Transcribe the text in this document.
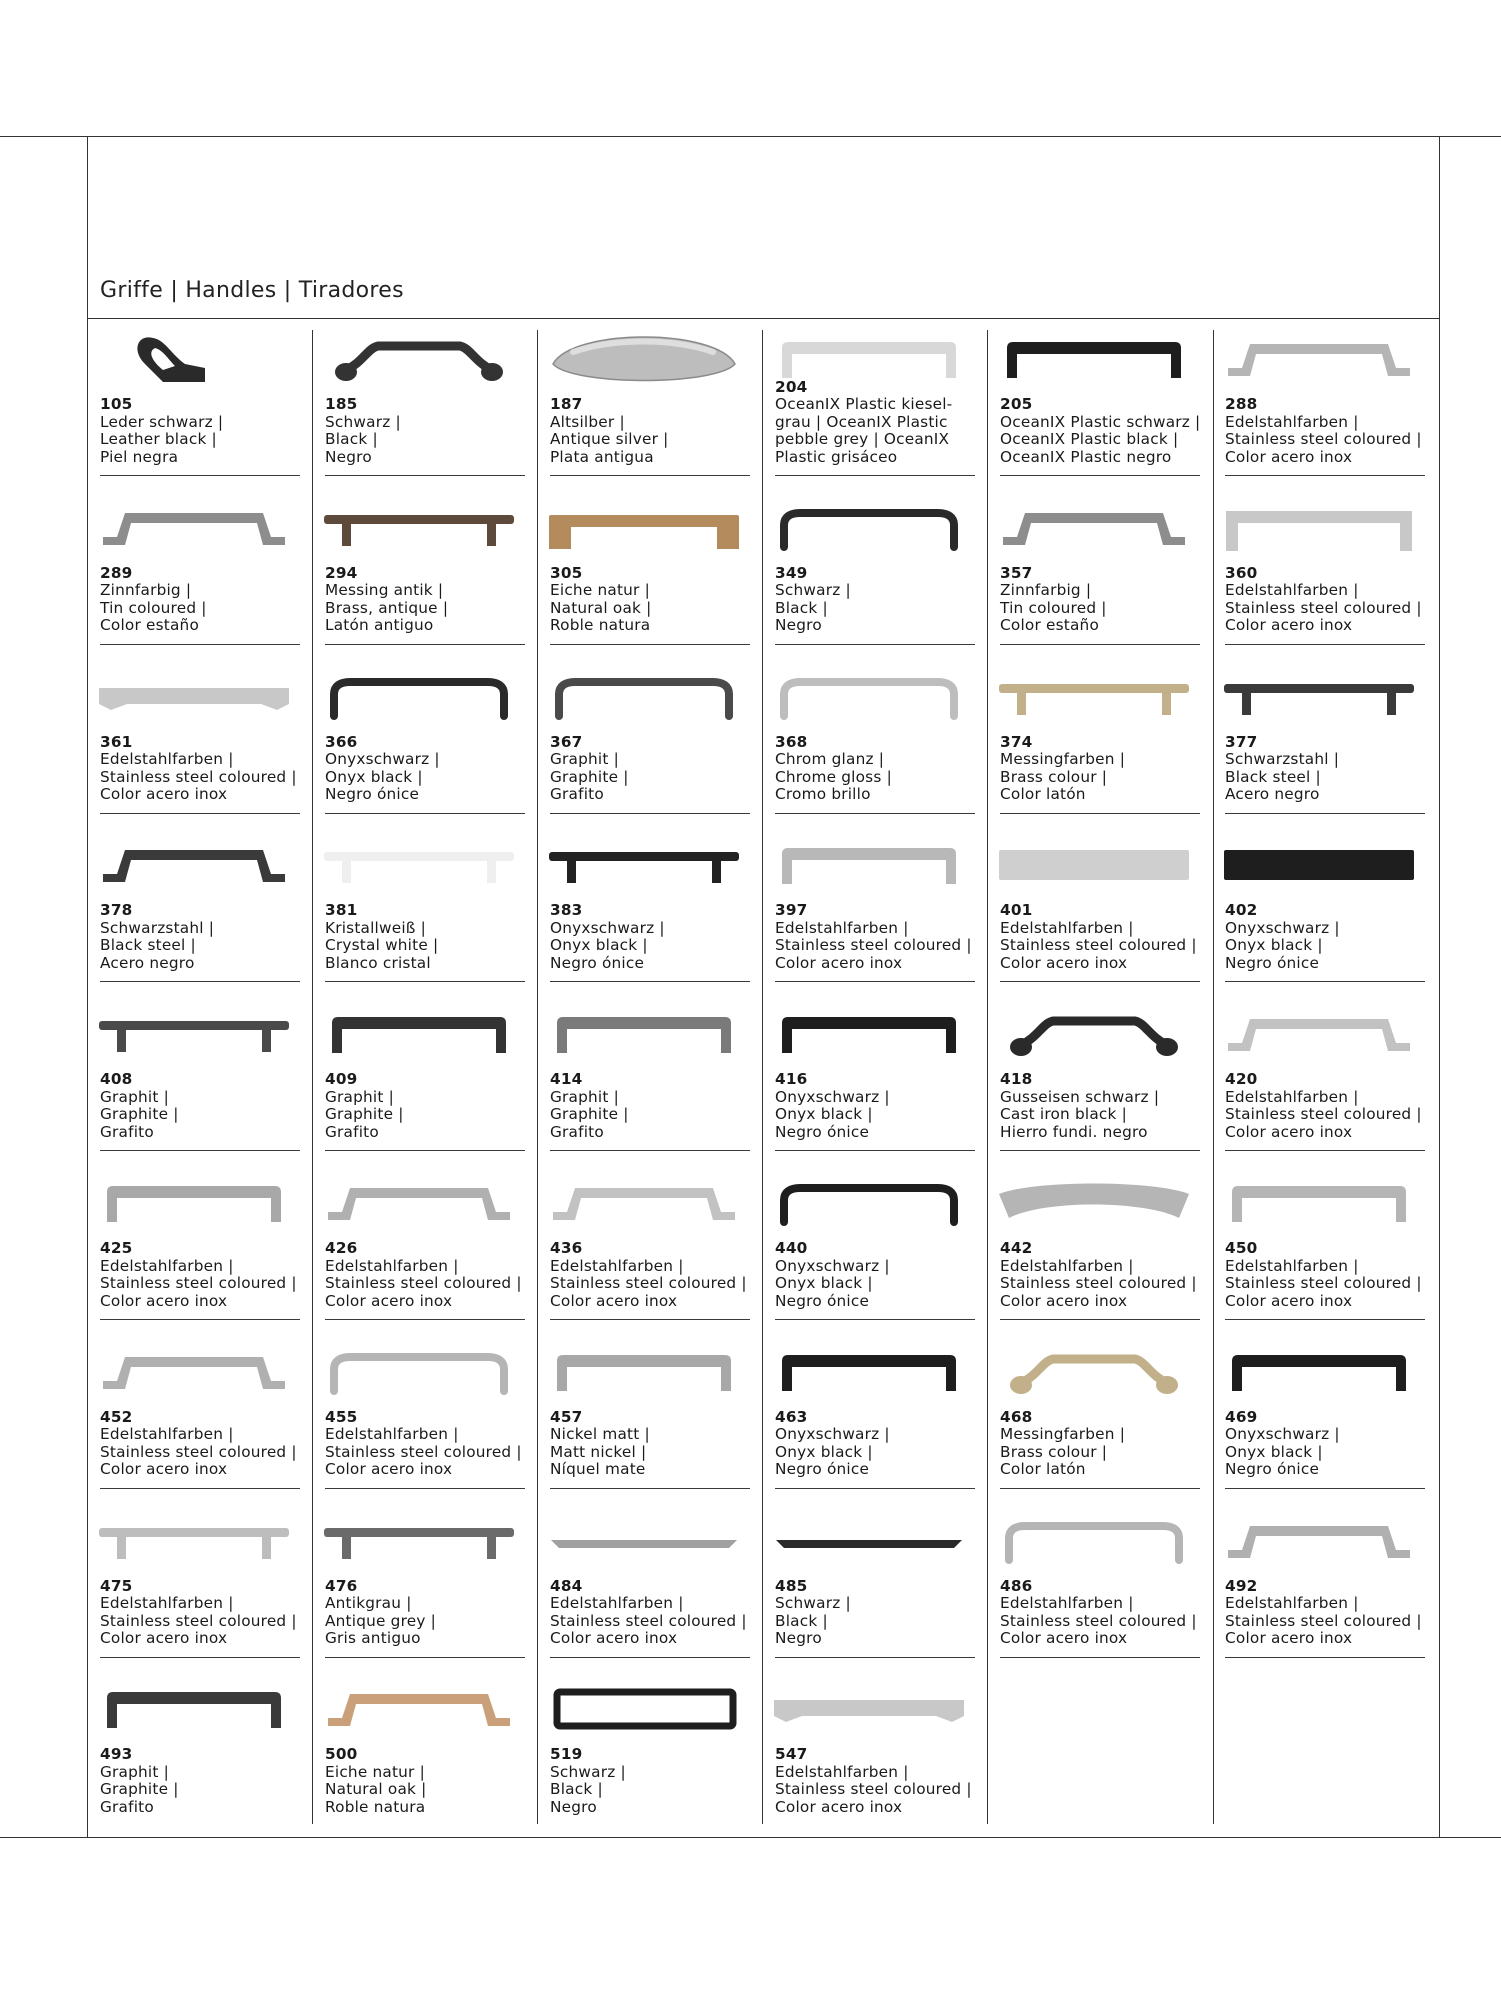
Griffe | Handles | Tiradores
105
Leder schwarz |
Leather black |
Piel negra
185
Schwarz |
Black |
Negro
187
Altsilber |
Antique silver |
Plata antigua
204
OceanIX Plastic kiesel-
grau | OceanIX Plastic
pebble grey | OceanIX
Plastic grisáceo
205
OceanIX Plastic schwarz |
OceanIX Plastic black |
OceanIX Plastic negro
288
Edelstahlfarben |
Stainless steel coloured |
Color acero inox
289
Zinnfarbig |
Tin coloured |
Color estaño
294
Messing antik |
Brass, antique |
Latón antiguo
305
Eiche natur |
Natural oak |
Roble natura
349
Schwarz |
Black |
Negro
357
Zinnfarbig |
Tin coloured |
Color estaño
360
Edelstahlfarben |
Stainless steel coloured |
Color acero inox
361
Edelstahlfarben |
Stainless steel coloured |
Color acero inox
366
Onyxschwarz |
Onyx black |
Negro ónice
367
Graphit |
Graphite |
Grafito
368
Chrom glanz |
Chrome gloss |
Cromo brillo
374
Messingfarben |
Brass colour |
Color latón
377
Schwarzstahl |
Black steel |
Acero negro
378
Schwarzstahl |
Black steel |
Acero negro
381
Kristallweiß |
Crystal white |
Blanco cristal
383
Onyxschwarz |
Onyx black |
Negro ónice
397
Edelstahlfarben |
Stainless steel coloured |
Color acero inox
401
Edelstahlfarben |
Stainless steel coloured |
Color acero inox
402
Onyxschwarz |
Onyx black |
Negro ónice
408
Graphit |
Graphite |
Grafito
409
Graphit |
Graphite |
Grafito
414
Graphit |
Graphite |
Grafito
416
Onyxschwarz |
Onyx black |
Negro ónice
418
Gusseisen schwarz |
Cast iron black |
Hierro fundi. negro
420
Edelstahlfarben |
Stainless steel coloured |
Color acero inox
425
Edelstahlfarben |
Stainless steel coloured |
Color acero inox
426
Edelstahlfarben |
Stainless steel coloured |
Color acero inox
436
Edelstahlfarben |
Stainless steel coloured |
Color acero inox
440
Onyxschwarz |
Onyx black |
Negro ónice
442
Edelstahlfarben |
Stainless steel coloured |
Color acero inox
450
Edelstahlfarben |
Stainless steel coloured |
Color acero inox
452
Edelstahlfarben |
Stainless steel coloured |
Color acero inox
455
Edelstahlfarben |
Stainless steel coloured |
Color acero inox
457
Nickel matt |
Matt nickel |
Níquel mate
463
Onyxschwarz |
Onyx black |
Negro ónice
468
Messingfarben |
Brass colour |
Color latón
469
Onyxschwarz |
Onyx black |
Negro ónice
475
Edelstahlfarben |
Stainless steel coloured |
Color acero inox
476
Antikgrau |
Antique grey |
Gris antiguo
484
Edelstahlfarben |
Stainless steel coloured |
Color acero inox
485
Schwarz |
Black |
Negro
486
Edelstahlfarben |
Stainless steel coloured |
Color acero inox
492
Edelstahlfarben |
Stainless steel coloured |
Color acero inox
493
Graphit |
Graphite |
Grafito
500
Eiche natur |
Natural oak |
Roble natura
519
Schwarz |
Black |
Negro
547
Edelstahlfarben |
Stainless steel coloured |
Color acero inox
